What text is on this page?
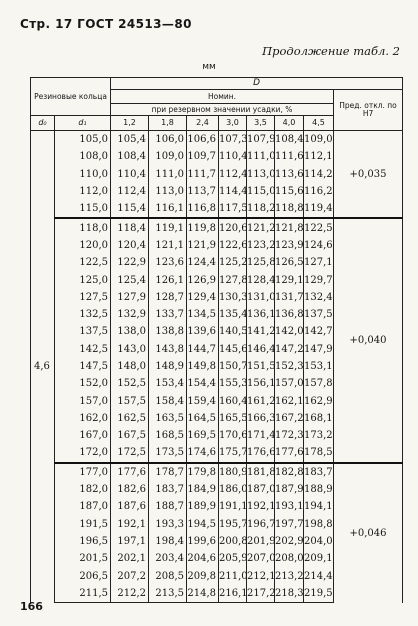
Стр. 17 ГОСТ 24513—80
Продолжение табл. 2
мм
Резиновые кольца		D							
		Номин.							Пред. откл. по H7
		при резервном значении усадки, %							
d₀	d₁	1,2	1,8	2,4	3,0	3,5	4,0	4,5	
4,6	105,0	105,4	106,0	106,6	107,3	107,9	108,4	109,0	+0,035
	108,0	108,4	109,0	109,7	110,4	111,0	111,6	112,1	
	110,0	110,4	111,0	111,7	112,4	113,0	113,6	114,2	
	112,0	112,4	113,0	113,7	114,4	115,0	115,6	116,2	
	115,0	115,4	116,1	116,8	117,5	118,2	118,8	119,4	
	118,0	118,4	119,1	119,8	120,6	121,2	121,8	122,5	+0,040
	120,0	120,4	121,1	121,9	122,6	123,2	123,9	124,6	
	122,5	122,9	123,6	124,4	125,2	125,8	126,5	127,1	
	125,0	125,4	126,1	126,9	127,8	128,4	129,1	129,7	
	127,5	127,9	128,7	129,4	130,3	131,0	131,7	132,4	
	132,5	132,9	133,7	134,5	135,4	136,1	136,8	137,5	
	137,5	138,0	138,8	139,6	140,5	141,2	142,0	142,7	
	142,5	143,0	143,8	144,7	145,6	146,4	147,2	147,9	
	147,5	148,0	148,9	149,8	150,7	151,5	152,3	153,1	
	152,0	152,5	153,4	154,4	155,3	156,1	157,0	157,8	
	157,0	157,5	158,4	159,4	160,4	161,2	162,1	162,9	
	162,0	162,5	163,5	164,5	165,5	166,3	167,2	168,1	
	167,0	167,5	168,5	169,5	170,6	171,4	172,3	173,2	
	172,0	172,5	173,5	174,6	175,7	176,6	177,6	178,5	
	177,0	177,6	178,7	179,8	180,9	181,8	182,8	183,7	+0,046
	182,0	182,6	183,7	184,9	186,0	187,0	187,9	188,9	
	187,0	187,6	188,7	189,9	191,1	192,1	193,1	194,1	
	191,5	192,1	193,3	194,5	195,7	196,7	197,7	198,8	
	196,5	197,1	198,4	199,6	200,8	201,9	202,9	204,0	
	201,5	202,1	203,4	204,6	205,9	207,0	208,0	209,1	
	206,5	207,2	208,5	209,8	211,0	212,1	213,2	214,4	
	211,5	212,2	213,5	214,8	216,1	217,2	218,3	219,5	
166
